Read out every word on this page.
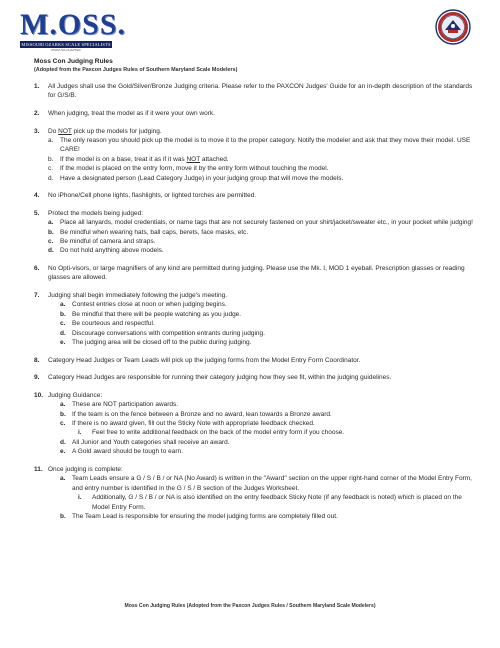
M.OSS.
MISSOURI OZARKS SCALE SPECIALISTS
IPMS/USA CHAPTER
Moss Con Judging Rules
(Adopted from the Paxcon Judges Rules of Southern Maryland Scale Modelers)
1. All Judges shall use the Gold/Silver/Bronze Judging criteria. Please refer to the PAXCON Judges' Guide for an in-depth description of the standards for G/S/B.
2. When judging, treat the model as if it were your own work.
3. Do NOT pick up the models for judging.
a. The only reason you should pick up the model is to move it to the proper category. Notify the modeler and ask that they move their model. USE CARE!
b. If the model is on a base, treat it as if it was NOT attached.
c. If the model is placed on the entry form, move it by the entry form without touching the model.
d. Have a designated person (Lead Category Judge) in your judging group that will move the models.
4. No iPhone/Cell phone lights, flashlights, or lighted torches are permitted.
5. Protect the models being judged:
a. Place all lanyards, model credentials, or name tags that are not securely fastened on your shirt/jacket/sweater etc., in your pocket while judging!
b. Be mindful when wearing hats, ball caps, berets, face masks, etc.
c. Be mindful of camera and straps.
d. Do not hold anything above models.
6. No Opti-visors, or large magnifiers of any kind are permitted during judging. Please use the Mk. I, MOD 1 eyeball. Prescription glasses or reading glasses are allowed.
7. Judging shall begin immediately following the judge's meeting.
a. Contest entries close at noon or when judging begins.
b. Be mindful that there will be people watching as you judge.
c. Be courteous and respectful.
d. Discourage conversations with competition entrants during judging.
e. The judging area will be closed off to the public during judging.
8. Category Head Judges or Team Leads will pick up the judging forms from the Model Entry Form Coordinator.
9. Category Head Judges are responsible for running their category judging how they see fit, within the judging guidelines.
10. Judging Guidance:
a. These are NOT participation awards.
b. If the team is on the fence between a Bronze and no award, lean towards a Bronze award.
c. If there is no award given, fill out the Sticky Note with appropriate feedback checked.
i. Feel free to write additional feedback on the back of the model entry form if you choose.
d. All Junior and Youth categories shall receive an award.
e. A Gold award should be tough to earn.
11. Once judging is complete:
a. Team Leads ensure a G / S / B / or NA (No Award) is written in the "Award" section on the upper right-hand corner of the Model Entry Form, and entry number is identified in the G / S / B section of the Judges Worksheet.
i. Additionally, G / S / B / or NA is also identified on the entry feedback Sticky Note (if any feedback is noted) which is placed on the Model Entry Form.
b. The Team Lead is responsible for ensuring the model judging forms are completely filled out.
Moss Con Judging Rules (Adopted from the Paxcon Judges Rules / Southern Maryland Scale Modelers)
